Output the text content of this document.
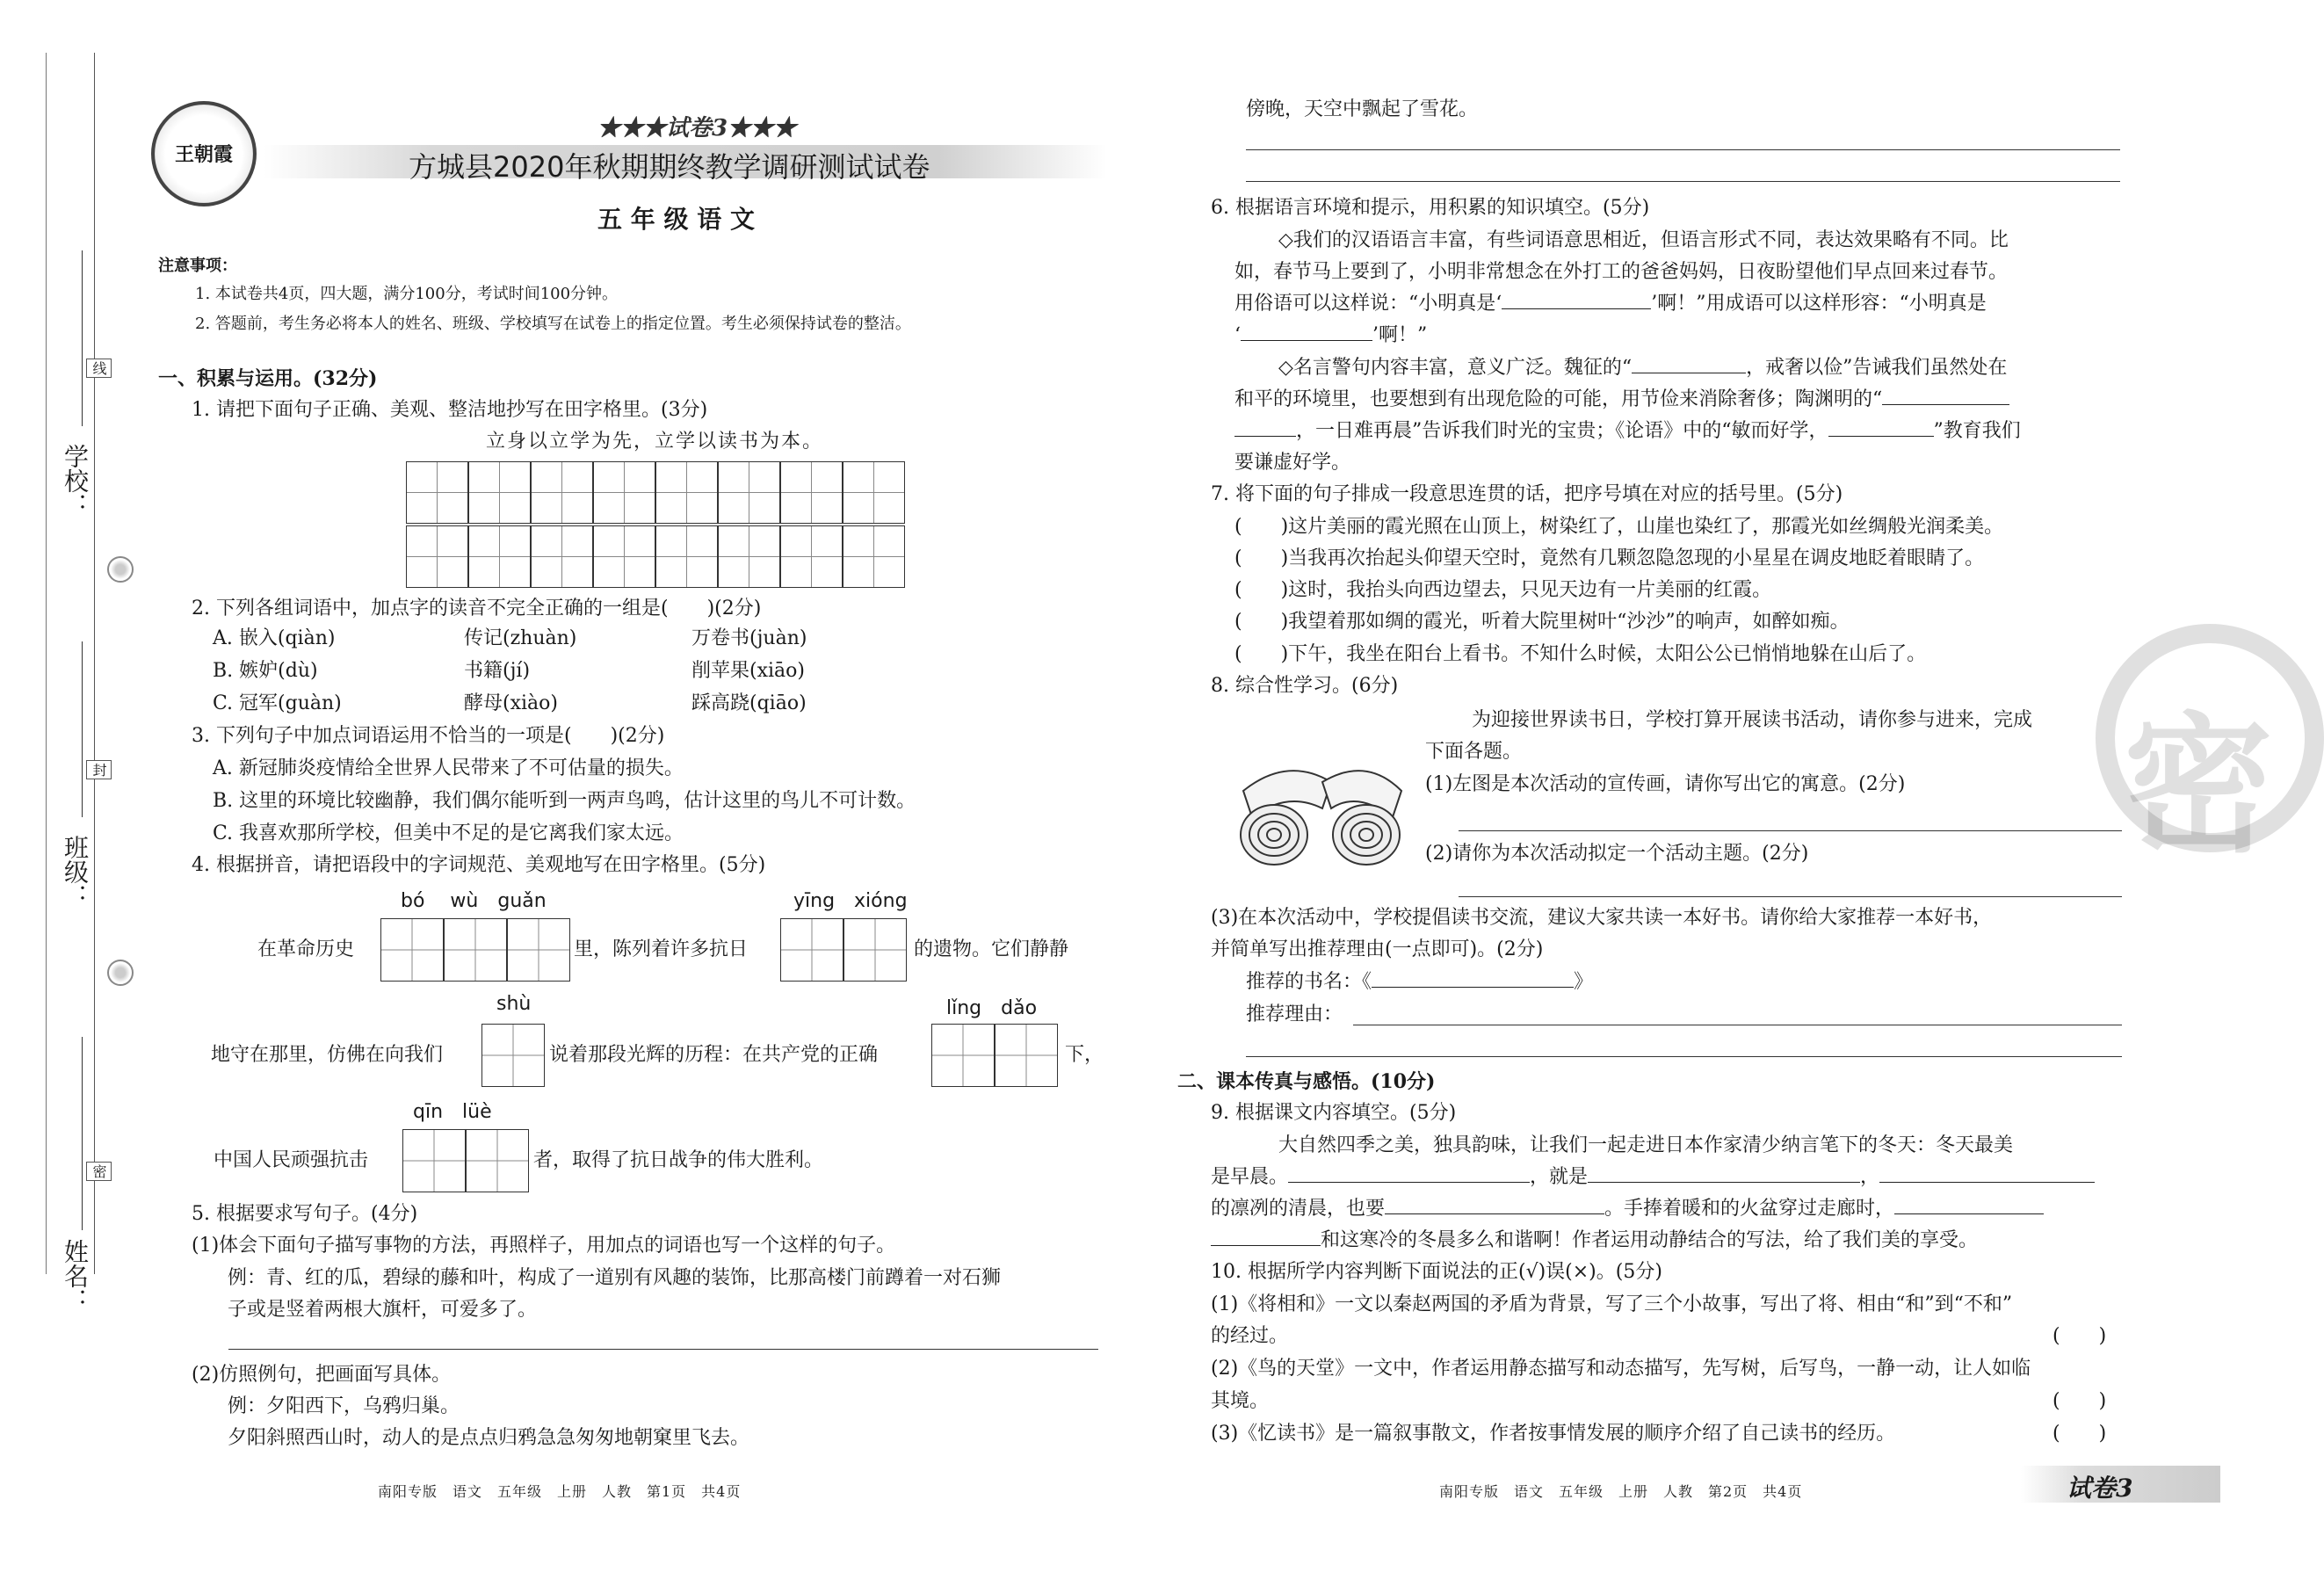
学校：
班级：
姓名：
线
封
密
王朝霞
★★★试卷3★★★
方城县2020年秋期期终教学调研测试试卷
五 年 级 语 文
注意事项：
1. 本试卷共4页，四大题，满分100分，考试时间100分钟。
2. 答题前，考生务必将本人的姓名、班级、学校填写在试卷上的指定位置。考生必须保持试卷的整洁。
一、积累与运用。(32分)
1. 请把下面句子正确、美观、整洁地抄写在田字格里。(3分)
立身以立学为先，立学以读书为本。
2. 下列各组词语中，加点字的读音不完全正确的一组是(　　)(2分)
A. 嵌入(qiàn)	传记(zhuàn)	万卷书(juàn)
B. 嫉妒(dù)	书籍(jí)	削苹果(xiāo)
C. 冠军(guàn)	酵母(xiào)	踩高跷(qiāo)
3. 下列句子中加点词语运用不恰当的一项是(　　)(2分)
A. 新冠肺炎疫情给全世界人民带来了不可估量的损失。
B. 这里的环境比较幽静，我们偶尔能听到一两声鸟鸣，估计这里的鸟儿不可计数。
C. 我喜欢那所学校，但美中不足的是它离我们家太远。
4. 根据拼音，请把语段中的字词规范、美观地写在田字格里。(5分)
bó　 wù　guǎn	yīng　xióng
在革命历史	里，陈列着许多抗日	的遗物。它们静静
shù	lǐng　dǎo
地守在那里，仿佛在向我们	说着那段光辉的历程：在共产党的正确	下，
qīn　lüè
中国人民顽强抗击	者，取得了抗日战争的伟大胜利。
5. 根据要求写句子。(4分)
(1)体会下面句子描写事物的方法，再照样子，用加点的词语也写一个这样的句子。
例：青、红的瓜，碧绿的藤和叶，构成了一道别有风趣的装饰，比那高楼门前蹲着一对石狮
子或是竖着两根大旗杆，可爱多了。
(2)仿照例句，把画面写具体。
例：夕阳西下，乌鸦归巢。
夕阳斜照西山时，动人的是点点归鸦急急匆匆地朝窠里飞去。
南阳专版　语文　五年级　上册　人教　第1页　共4页
傍晚，天空中飘起了雪花。
6. 根据语言环境和提示，用积累的知识填空。(5分)
◇我们的汉语语言丰富，有些词语意思相近，但语言形式不同，表达效果略有不同。比
如，春节马上要到了，小明非常想念在外打工的爸爸妈妈，日夜盼望他们早点回来过春节。
用俗语可以这样说：“小明真是‘	’啊！”用成语可以这样形容：“小明真是
‘	’啊！”
◇名言警句内容丰富，意义广泛。魏征的“	，戒奢以俭”告诫我们虽然处在
和平的环境里，也要想到有出现危险的可能，用节俭来消除奢侈；陶渊明的“
，一日难再晨”告诉我们时光的宝贵；《论语》中的“敏而好学，	”教育我们
要谦虚好学。
7. 将下面的句子排成一段意思连贯的话，把序号填在对应的括号里。(5分)
(　　)这片美丽的霞光照在山顶上，树染红了，山崖也染红了，那霞光如丝绸般光润柔美。
(　　)当我再次抬起头仰望天空时，竟然有几颗忽隐忽现的小星星在调皮地眨着眼睛了。
(　　)这时，我抬头向西边望去，只见天边有一片美丽的红霞。
(　　)我望着那如绸的霞光，听着大院里树叶“沙沙”的响声，如醉如痴。
(　　)下午，我坐在阳台上看书。不知什么时候，太阳公公已悄悄地躲在山后了。
8. 综合性学习。(6分)
为迎接世界读书日，学校打算开展读书活动，请你参与进来，完成
下面各题。
(1)左图是本次活动的宣传画，请你写出它的寓意。(2分)
(2)请你为本次活动拟定一个活动主题。(2分)
(3)在本次活动中，学校提倡读书交流，建议大家共读一本好书。请你给大家推荐一本好书，
并简单写出推荐理由(一点即可)。(2分)
推荐的书名：《	》
推荐理由：
二、课本传真与感悟。(10分)
9. 根据课文内容填空。(5分)
大自然四季之美，独具韵味，让我们一起走进日本作家清少纳言笔下的冬天：冬天最美
是早晨。	，就是	，
的凛冽的清晨，也要	。手捧着暖和的火盆穿过走廊时，
和这寒冷的冬晨多么和谐啊！作者运用动静结合的写法，给了我们美的享受。
10. 根据所学内容判断下面说法的正(√)误(×)。(5分)
(1)《将相和》一文以秦赵两国的矛盾为背景，写了三个小故事，写出了将、相由“和”到“不和”
的经过。	(　　)
(2)《鸟的天堂》一文中，作者运用静态描写和动态描写，先写树，后写鸟，一静一动，让人如临
其境。	(　　)
(3)《忆读书》是一篇叙事散文，作者按事情发展的顺序介绍了自己读书的经历。	(　　)
南阳专版　语文　五年级　上册　人教　第2页　共4页	试卷3
密
